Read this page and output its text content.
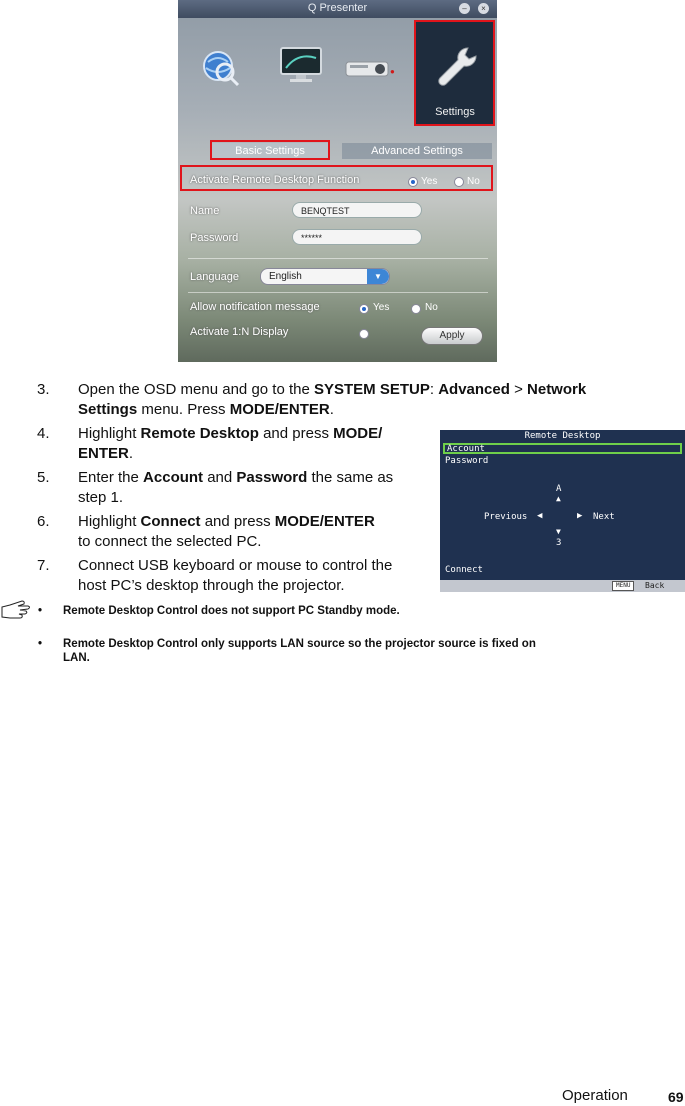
Q Presenter	–	×
●
Settings
Basic Settings	Advanced Settings
Activate Remote Desktop Function	Yes	No
Name	BENQTEST
Password	******
Language	English	▼
Allow notification message	Yes	No
Activate 1:N Display	Apply
3. Open the OSD menu and go to the SYSTEM SETUP: Advanced > Network
Settings menu. Press MODE/ENTER.
4. Highlight Remote Desktop and press MODE/
ENTER.
5. Enter the Account and Password the same as
step 1.
6. Highlight Connect and press MODE/ENTER
to connect the selected PC.
7. Connect USB keyboard or mouse to control the
host PC’s desktop through the projector.
Remote Desktop
Account
Password
A
▲
Previous ◀	▶ Next
▼
3
Connect
MENU	Back
• Remote Desktop Control does not support PC Standby mode.
• Remote Desktop Control only supports LAN source so the projector source is fixed on
LAN.
Operation	69
